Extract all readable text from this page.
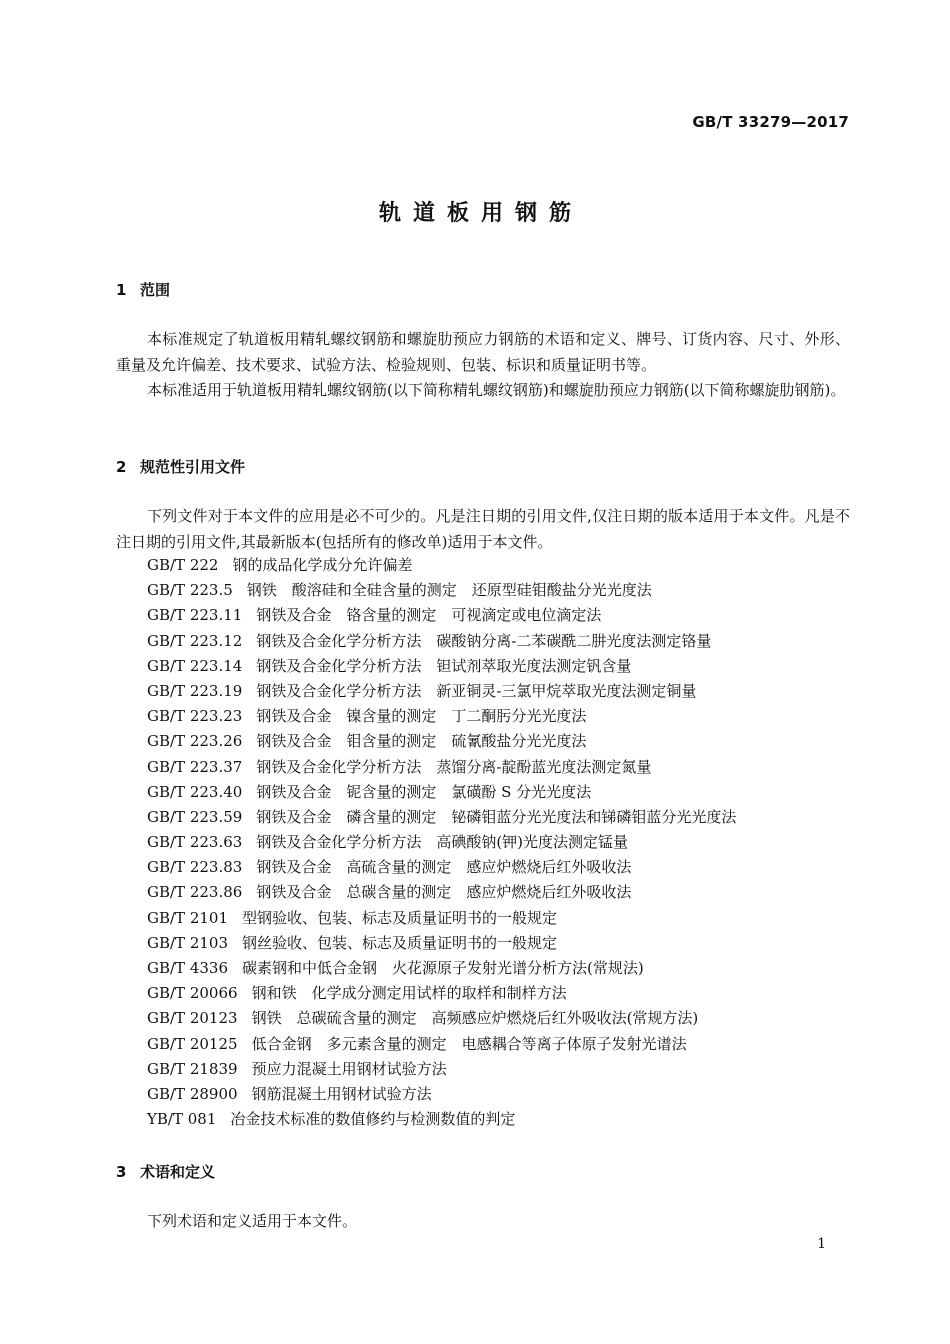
GB/T 33279—2017
轨道板用钢筋
1 范围
本标准规定了轨道板用精轧螺纹钢筋和螺旋肋预应力钢筋的术语和定义、牌号、订货内容、尺寸、外形、重量及允许偏差、技术要求、试验方法、检验规则、包装、标识和质量证明书等。
本标准适用于轨道板用精轧螺纹钢筋(以下简称精轧螺纹钢筋)和螺旋肋预应力钢筋(以下简称螺旋肋钢筋)。
2 规范性引用文件
下列文件对于本文件的应用是必不可少的。凡是注日期的引用文件,仅注日期的版本适用于本文件。凡是不注日期的引用文件,其最新版本(包括所有的修改单)适用于本文件。
GB/T 222 钢的成品化学成分允许偏差
GB/T 223.5 钢铁　酸溶硅和全硅含量的测定　还原型硅钼酸盐分光光度法
GB/T 223.11 钢铁及合金　铬含量的测定　可视滴定或电位滴定法
GB/T 223.12 钢铁及合金化学分析方法　碳酸钠分离-二苯碳酰二肼光度法测定铬量
GB/T 223.14 钢铁及合金化学分析方法　钽试剂萃取光度法测定钒含量
GB/T 223.19 钢铁及合金化学分析方法　新亚铜灵-三氯甲烷萃取光度法测定铜量
GB/T 223.23 钢铁及合金　镍含量的测定　丁二酮肟分光光度法
GB/T 223.26 钢铁及合金　钼含量的测定　硫氰酸盐分光光度法
GB/T 223.37 钢铁及合金化学分析方法　蒸馏分离-靛酚蓝光度法测定氮量
GB/T 223.40 钢铁及合金　铌含量的测定　氯磺酚 S 分光光度法
GB/T 223.59 钢铁及合金　磷含量的测定　铋磷钼蓝分光光度法和锑磷钼蓝分光光度法
GB/T 223.63 钢铁及合金化学分析方法　高碘酸钠(钾)光度法测定锰量
GB/T 223.83 钢铁及合金　高硫含量的测定　感应炉燃烧后红外吸收法
GB/T 223.86 钢铁及合金　总碳含量的测定　感应炉燃烧后红外吸收法
GB/T 2101 型钢验收、包装、标志及质量证明书的一般规定
GB/T 2103 钢丝验收、包装、标志及质量证明书的一般规定
GB/T 4336 碳素钢和中低合金钢　火花源原子发射光谱分析方法(常规法)
GB/T 20066 钢和铁　化学成分测定用试样的取样和制样方法
GB/T 20123 钢铁　总碳硫含量的测定　高频感应炉燃烧后红外吸收法(常规方法)
GB/T 20125 低合金钢　多元素含量的测定　电感耦合等离子体原子发射光谱法
GB/T 21839 预应力混凝土用钢材试验方法
GB/T 28900 钢筋混凝土用钢材试验方法
YB/T 081 冶金技术标准的数值修约与检测数值的判定
3 术语和定义
下列术语和定义适用于本文件。
1
